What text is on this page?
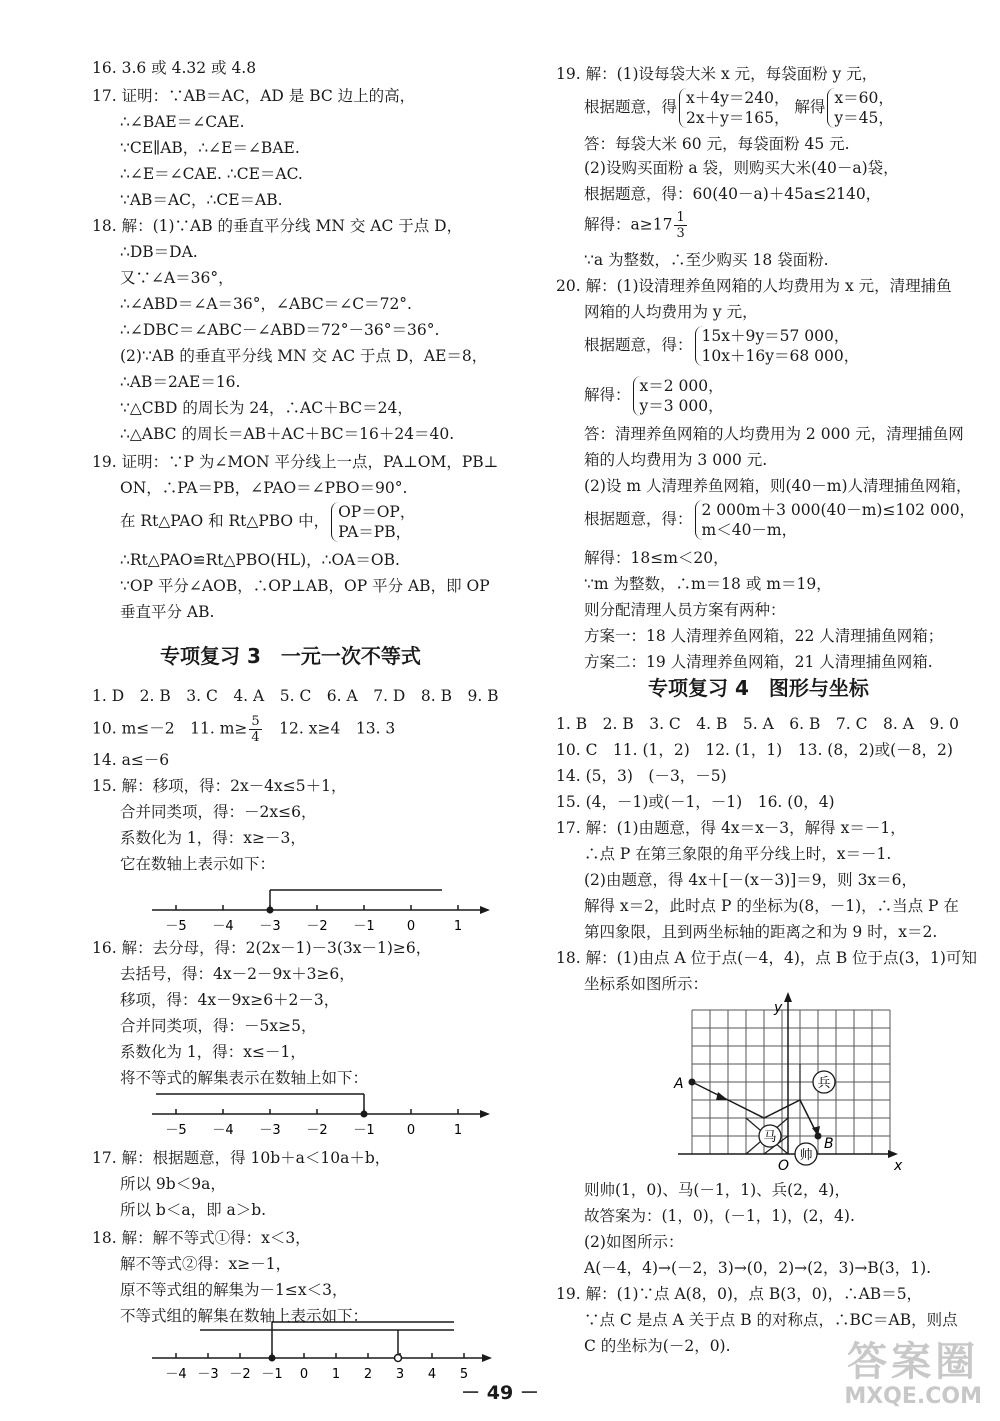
16. 3.6 或 4.32 或 4.8
17. 证明：∵AB＝AC，AD 是 BC 边上的高，
∴∠BAE＝∠CAE.
∵CE∥AB，∴∠E＝∠BAE.
∴∠E＝∠CAE. ∴CE＝AC.
∵AB＝AC，∴CE＝AB.
18. 解：(1)∵AB 的垂直平分线 MN 交 AC 于点 D，
∴DB＝DA.
又∵∠A＝36°，
∴∠ABD＝∠A＝36°，∠ABC＝∠C＝72°.
∴∠DBC＝∠ABC－∠ABD＝72°－36°＝36°.
(2)∵AB 的垂直平分线 MN 交 AC 于点 D，AE＝8，
∴AB＝2AE＝16.
∵△CBD 的周长为 24，∴AC＋BC＝24，
∴△ABC 的周长＝AB＋AC＋BC＝16＋24＝40.
19. 证明：∵P 为∠MON 平分线上一点，PA⊥OM，PB⊥
ON，∴PA＝PB，∠PAO＝∠PBO＝90°.
在 Rt△PAO 和 Rt△PBO 中， OP＝OP，
PA＝PB，
∴Rt△PAO≌Rt△PBO(HL)，∴OA＝OB.
∵OP 平分∠AOB，∴OP⊥AB，OP 平分 AB，即 OP
垂直平分 AB.
专项复习 3　一元一次不等式
1. D　2. B　3. C　4. A　5. C　6. A　7. D　8. B　9. B
10. m≤－2　11. $m\ge \frac{5}{4}$ 　12. x≥4　13. 3
14. a≤－6
15. 解：移项，得：2x－4x≤5＋1，
合并同类项，得：－2x≤6，
系数化为 1，得：x≥－3，
它在数轴上表示如下：
－5 －4 －3 －2 －1 0	1
16. 解：去分母，得：2(2x－1)－3(3x－1)≥6，
去括号，得：4x－2－9x＋3≥6，
移项，得：4x－9x≥6＋2－3，
合并同类项，得：－5x≥5，
系数化为 1，得：x≤－1，
将不等式的解集表示在数轴上如下：
－5 －4 －3 －2 －1 0	1
17. 解：根据题意，得 10b＋a＜10a＋b，
所以 9b＜9a，
所以 b＜a，即 a＞b.
18. 解：解不等式①得：x＜3，
解不等式②得：x≥－1，
原不等式组的解集为－1≤x＜3，
不等式组的解集在数轴上表示如下：
－4 －3 －2 －1 0 1 2 3 4 5
19. 解：(1)设每袋大米 x 元，每袋面粉 y 元，
根据题意，得 x＋4y＝240，
2x＋y＝165， 解得 x＝60，
y＝45，
答：每袋大米 60 元，每袋面粉 45 元.
(2)设购买面粉 a 袋，则购买大米(40－a)袋，
根据题意，得：60(40－a)＋45a≤2140，
解得：$a\ge 17 \frac{1}{3}$
∵a 为整数，∴至少购买 18 袋面粉.
20. 解：(1)设清理养鱼网箱的人均费用为 x 元，清理捕鱼
网箱的人均费用为 y 元，
根据题意，得： 15x＋9y＝57 000，
10x＋16y＝68 000，
解得： x＝2 000，
y＝3 000，
答：清理养鱼网箱的人均费用为 2 000 元，清理捕鱼网
箱的人均费用为 3 000 元.
(2)设 m 人清理养鱼网箱，则(40－m)人清理捕鱼网箱，
根据题意，得： 2 000m＋3 000(40－m)≤102 000，
m＜40－m，
解得：18≤m＜20，
∵m 为整数，∴m＝18 或 m＝19，
则分配清理人员方案有两种：
方案一：18 人清理养鱼网箱，22 人清理捕鱼网箱；
方案二：19 人清理养鱼网箱，21 人清理捕鱼网箱.
专项复习 4　图形与坐标
1. B　2. B　3. C　4. B　5. A　6. B　7. C　8. A　9. 0
10. C　11. (1，2)　12. (1，1)　13. (8，2)或(－8，2)
14. (5，3)　(－3，－5)
15. (4，－1)或(－1，－1)　16. (0，4)
17. 解：(1)由题意，得 4x＝x－3，解得 x＝－1，
∴点 P 在第三象限的角平分线上时，x＝－1.
(2)由题意，得 4x＋[－(x－3)]＝9，则 3x＝6，
解得 x＝2，此时点 P 的坐标为(8，－1)，∴当点 P 在
第四象限，且到两坐标轴的距离之和为 9 时，x＝2.
18. 解：(1)由点 A 位于点(－4，4)，点 B 位于点(3，1)可知
坐标系如图所示：
y
x
O
A
B
兵
马
帅
则帅(1，0)、马(－1，1)、兵(2，4)，
故答案为：(1，0)，(－1，1)，(2，4).
(2)如图所示：
A(－4，4)→(－2，3)→(0，2)→(2，3)→B(3，1).
19. 解：(1)∵点 A(8，0)，点 B(3，0)，∴AB＝5，
∵点 C 是点 A 关于点 B 的对称点，∴BC＝AB，则点
C 的坐标为(－2，0).
－ 49 －
答案圈
MXQE.COM
